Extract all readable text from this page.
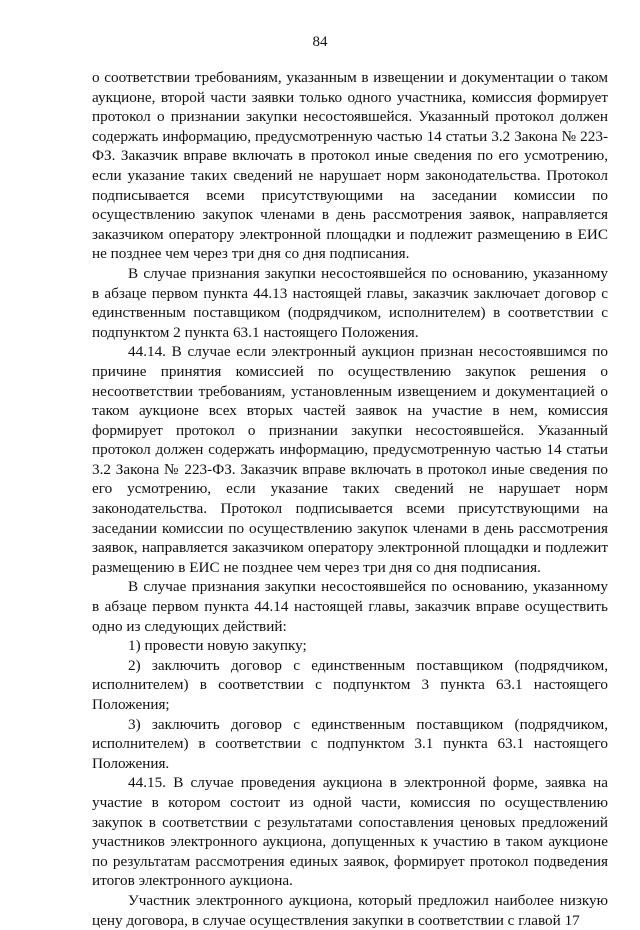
84

о соответствии требованиям, указанным в извещении и документации о таком аукционе, второй части заявки только одного участника, комиссия формирует протокол о признании закупки несостоявшейся. Указанный протокол должен содержать информацию, предусмотренную частью 14 статьи 3.2 Закона № 223-ФЗ. Заказчик вправе включать в протокол иные сведения по его усмотрению, если указание таких сведений не нарушает норм законодательства. Протокол подписывается всеми присутствующими на заседании комиссии по осуществлению закупок членами в день рассмотрения заявок, направляется заказчиком оператору электронной площадки и подлежит размещению в ЕИС не позднее чем через три дня со дня подписания.

В случае признания закупки несостоявшейся по основанию, указанному в абзаце первом пункта 44.13 настоящей главы, заказчик заключает договор с единственным поставщиком (подрядчиком, исполнителем) в соответствии с подпунктом 2 пункта 63.1 настоящего Положения.

44.14. В случае если электронный аукцион признан несостоявшимся по причине принятия комиссией по осуществлению закупок решения о несоответствии требованиям, установленным извещением и документацией о таком аукционе всех вторых частей заявок на участие в нем, комиссия формирует протокол о признании закупки несостоявшейся. Указанный протокол должен содержать информацию, предусмотренную частью 14 статьи 3.2 Закона № 223-ФЗ. Заказчик вправе включать в протокол иные сведения по его усмотрению, если указание таких сведений не нарушает норм законодательства. Протокол подписывается всеми присутствующими на заседании комиссии по осуществлению закупок членами в день рассмотрения заявок, направляется заказчиком оператору электронной площадки и подлежит размещению в ЕИС не позднее чем через три дня со дня подписания.

В случае признания закупки несостоявшейся по основанию, указанному в абзаце первом пункта 44.14 настоящей главы, заказчик вправе осуществить одно из следующих действий:

1) провести новую закупку;

2) заключить договор с единственным поставщиком (подрядчиком, исполнителем) в соответствии с подпунктом 3 пункта 63.1 настоящего Положения;

3) заключить договор с единственным поставщиком (подрядчиком, исполнителем) в соответствии с подпунктом 3.1 пункта 63.1 настоящего Положения.

44.15. В случае проведения аукциона в электронной форме, заявка на участие в котором состоит из одной части, комиссия по осуществлению закупок в соответствии с результатами сопоставления ценовых предложений участников электронного аукциона, допущенных к участию в таком аукционе по результатам рассмотрения единых заявок, формирует протокол подведения итогов электронного аукциона.

Участник электронного аукциона, который предложил наиболее низкую цену договора, в случае осуществления закупки в соответствии с главой 17
